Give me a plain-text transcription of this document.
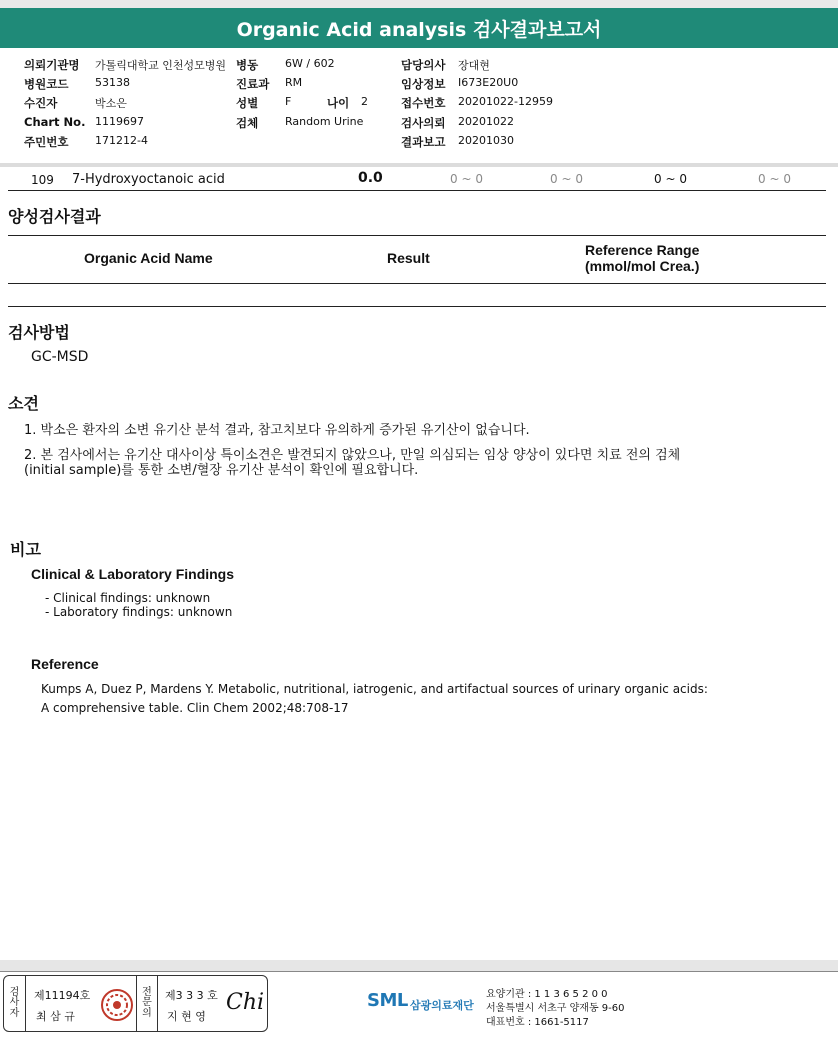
Organic Acid analysis 검사결과보고서
의뢰기관명 가톨릭대학교 인천성모병원 병동 6W / 602	담당의사 장대현
병원코드 53138	진료과 RM	임상정보 I673E20U0
수진자	박소은	성별 F	나이 2	접수번호 20201022-12959
Chart No. 1119697	검체 Random Urine	검사의뢰 20201022
주민번호 171212-4	결과보고 20201030
109 7-Hydroxyoctanoic acid	0.0	0 ~ 0	0 ~ 0	0 ~ 0	0 ~ 0
양성검사결과
Organic Acid Name	Result	Reference Range
(mmol/mol Crea.)
검사방법
GC-MSD
소견
1. 박소은 환자의 소변 유기산 분석 결과, 참고치보다 유의하게 증가된 유기산이 없습니다.
2. 본 검사에서는 유기산 대사이상 특이소견은 발견되지 않았으나, 만일 의심되는 임상 양상이 있다면 치료 전의 검체
(initial sample)를 통한 소변/혈장 유기산 분석이 확인에 필요합니다.
비고
Clinical & Laboratory Findings
- Clinical findings: unknown
- Laboratory findings: unknown
Reference
Kumps A, Duez P, Mardens Y. Metabolic, nutritional, iatrogenic, and artifactual sources of urinary organic acids:
A comprehensive table. Clin Chem 2002;48:708-17
검
사
자
제11194호
최 삼 규
전
문
의
제3 3 3 호
지 현 영
Chi	SML 삼광의료재단
요양기관 : 1 1 3 6 5 2 0 0
서울특별시 서초구 양재동 9-60
대표번호 : 1661-5117
